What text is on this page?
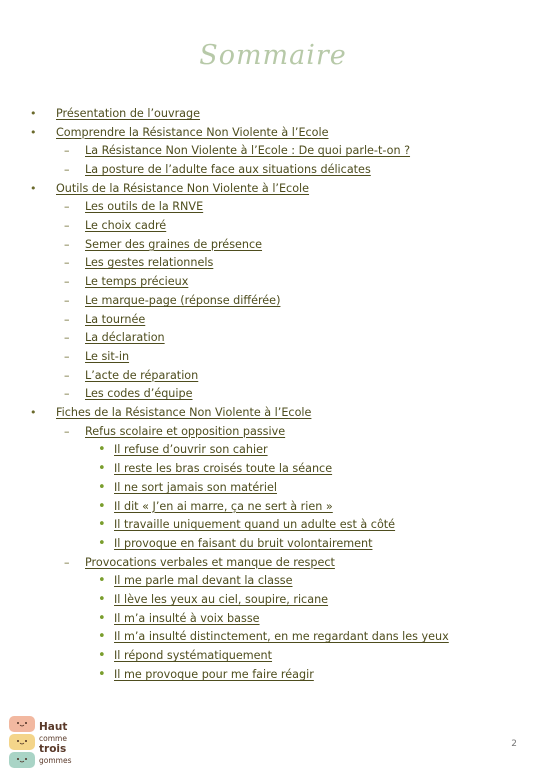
Sommaire
•	Présentation de l’ouvrage
•	Comprendre la Résistance Non Violente à l’Ecole
–	La Résistance Non Violente à l’Ecole : De quoi parle-t-on ?
–	La posture de l’adulte face aux situations délicates
•	Outils de la Résistance Non Violente à l’Ecole
–	Les outils de la RNVE
–	Le choix cadré
–	Semer des graines de présence
–	Les gestes relationnels
–	Le temps précieux
–	Le marque-page (réponse différée)
–	La tournée
–	La déclaration
–	Le sit-in
–	L’acte de réparation
–	Les codes d’équipe
•	Fiches de la Résistance Non Violente à l’Ecole
–	Refus scolaire et opposition passive
• Il refuse d’ouvrir son cahier
• Il reste les bras croisés toute la séance
• Il ne sort jamais son matériel
• Il dit « J’en ai marre, ça ne sert à rien »
• Il travaille uniquement quand un adulte est à côté
• Il provoque en faisant du bruit volontairement
–	Provocations verbales et manque de respect
• Il me parle mal devant la classe
• Il lève les yeux au ciel, soupire, ricane
• Il m’a insulté à voix basse
• Il m’a insulté distinctement, en me regardant dans les yeux
• Il répond systématiquement
• Il me provoque pour me faire réagir
Haut
comme
trois
gommes
2
